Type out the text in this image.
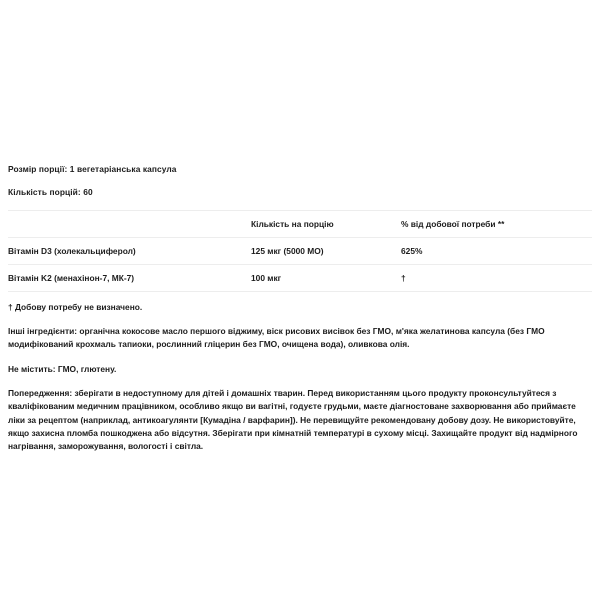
Розмір порції: 1 вегетаріанська капсула

Кількість порцій: 60

	Кількість на порцію	% від добової потреби **
Вітамін D3 (холекальциферол)	125 мкг (5000 МО)	625%
Вітамін K2 (менахінон-7, МК-7)	100 мкг	†

† Добову потребу не визначено.

Інші інгредієнти: органічна кокосове масло першого віджиму, віск рисових висівок без ГМО, м'яка желатинова капсула (без ГМО модифікований крохмаль тапиоки, рослинний гліцерин без ГМО, очищена вода), оливкова олія.

Не містить: ГМО, глютену.

Попередження: зберігати в недоступному для дітей і домашніх тварин. Перед використанням цього продукту проконсультуйтеся з кваліфікованим медичним працівником, особливо якщо ви вагітні, годуєте грудьми, маєте діагностоване захворювання або приймаєте ліки за рецептом (наприклад, антикоагулянти [Кумадіна / варфарин]). Не перевищуйте рекомендовану добову дозу. Не використовуйте, якщо захисна пломба пошкоджена або відсутня. Зберігати при кімнатній температурі в сухому місці. Захищайте продукт від надмірного нагрівання, заморожування, вологості і світла.
